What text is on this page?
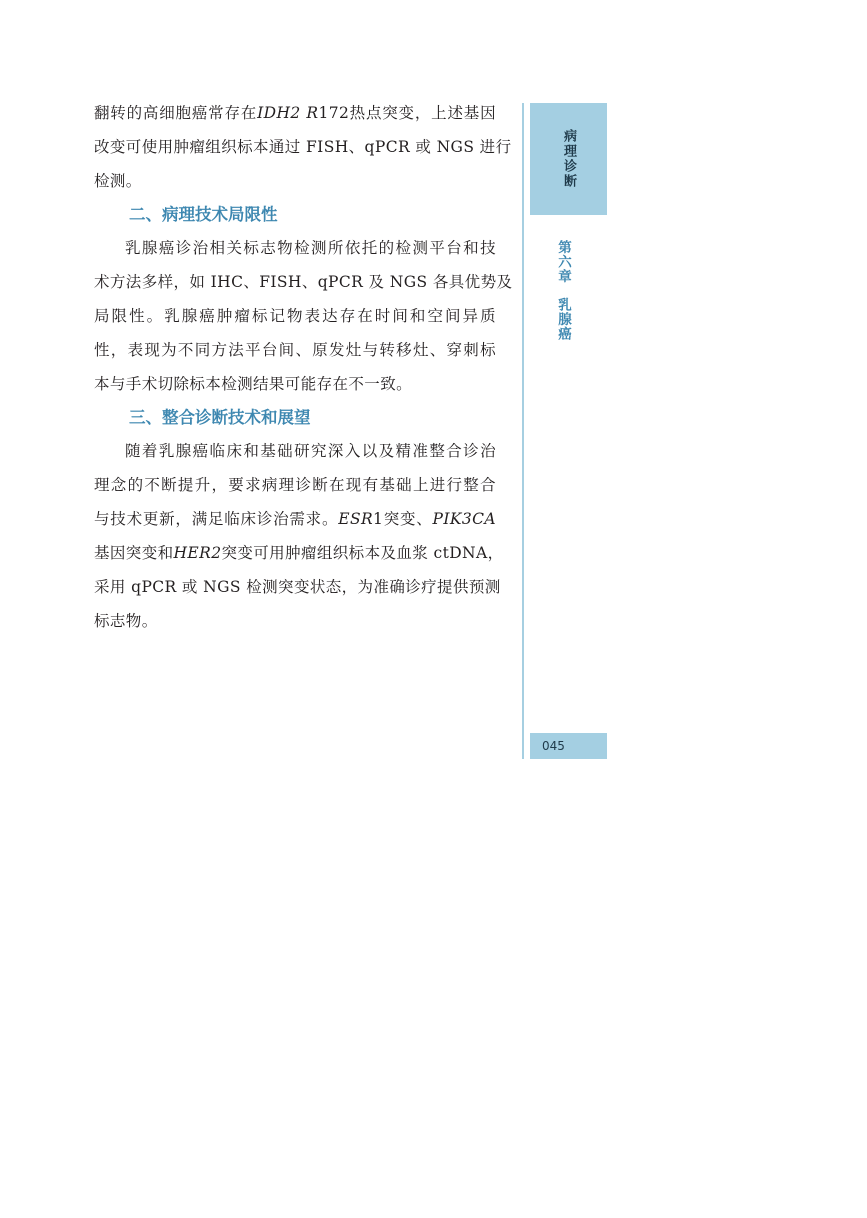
翻转的高细胞癌常存在IDH2 R172热点突变，上述基因
改变可使用肿瘤组织标本通过 FISH、qPCR 或 NGS 进行
检测。
二、病理技术局限性
乳腺癌诊治相关标志物检测所依托的检测平台和技
术方法多样，如 IHC、FISH、qPCR 及 NGS 各具优势及
局限性。乳腺癌肿瘤标记物表达存在时间和空间异质
性，表现为不同方法平台间、原发灶与转移灶、穿刺标
本与手术切除标本检测结果可能存在不一致。
三、整合诊断技术和展望
随着乳腺癌临床和基础研究深入以及精准整合诊治
理念的不断提升，要求病理诊断在现有基础上进行整合
与技术更新，满足临床诊治需求。ESR1突变、PIK3CA
基因突变和HER2突变可用肿瘤组织标本及血浆 ctDNA，
采用 qPCR 或 NGS 检测突变状态，为准确诊疗提供预测
标志物。
病理诊断
第六章乳腺癌
045
